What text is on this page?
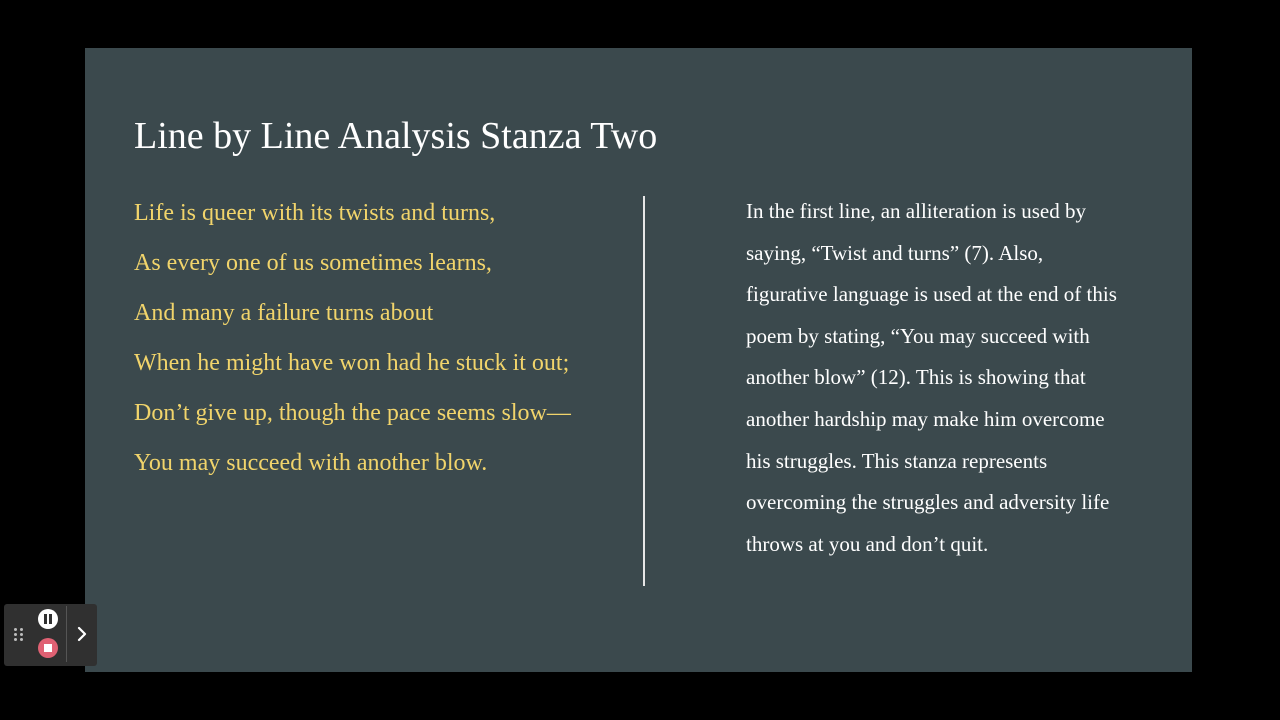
Line by Line Analysis Stanza Two

Life is queer with its twists and turns,

As every one of us sometimes learns,

And many a failure turns about

When he might have won had he stuck it out;

Don’t give up, though the pace seems slow—

You may succeed with another blow.

In the first line, an alliteration is used by saying, “Twist and turns” (7). Also, figurative language is used at the end of this poem by stating, “You may succeed with another blow” (12). This is showing that another hardship may make him overcome his struggles. This stanza represents overcoming the struggles and adversity life throws at you and don’t quit.
